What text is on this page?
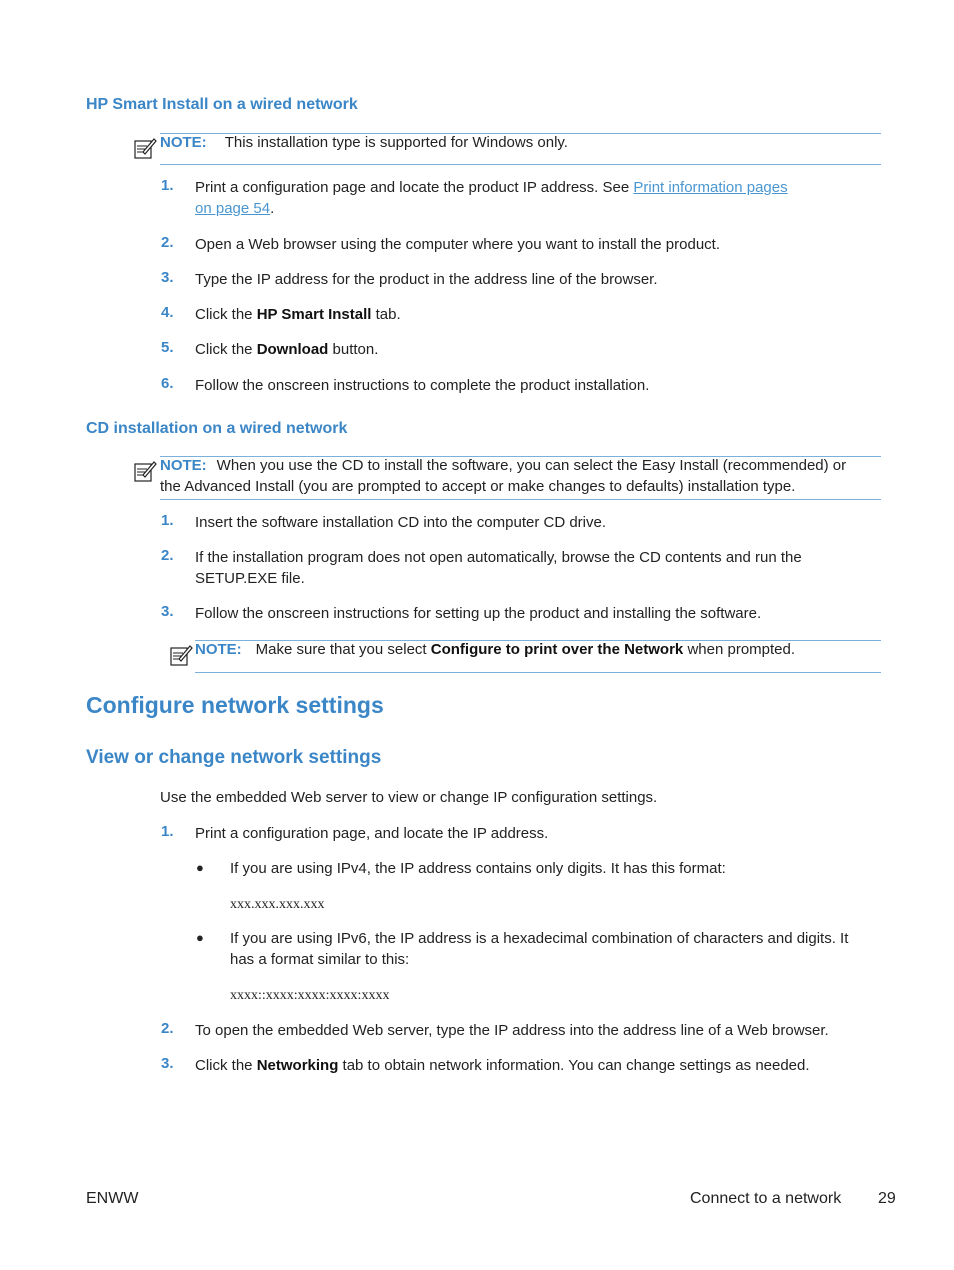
HP Smart Install on a wired network
NOTE: This installation type is supported for Windows only.
1. Print a configuration page and locate the product IP address. See Print information pages
on page 54.
2. Open a Web browser using the computer where you want to install the product.
3. Type the IP address for the product in the address line of the browser.
4. Click the HP Smart Install tab.
5. Click the Download button.
6. Follow the onscreen instructions to complete the product installation.
CD installation on a wired network
NOTE: When you use the CD to install the software, you can select the Easy Install (recommended) or
the Advanced Install (you are prompted to accept or make changes to defaults) installation type.
1. Insert the software installation CD into the computer CD drive.
2. If the installation program does not open automatically, browse the CD contents and run the
SETUP.EXE file.
3. Follow the onscreen instructions for setting up the product and installing the software.
NOTE: Make sure that you select Configure to print over the Network when prompted.
Configure network settings
View or change network settings
Use the embedded Web server to view or change IP configuration settings.
1. Print a configuration page, and locate the IP address.
● If you are using IPv4, the IP address contains only digits. It has this format:
xxx.xxx.xxx.xxx
● If you are using IPv6, the IP address is a hexadecimal combination of characters and digits. It
has a format similar to this:
xxxx::xxxx:xxxx:xxxx:xxxx
2. To open the embedded Web server, type the IP address into the address line of a Web browser.
3. Click the Networking tab to obtain network information. You can change settings as needed.
ENWW	Connect to a network 29
